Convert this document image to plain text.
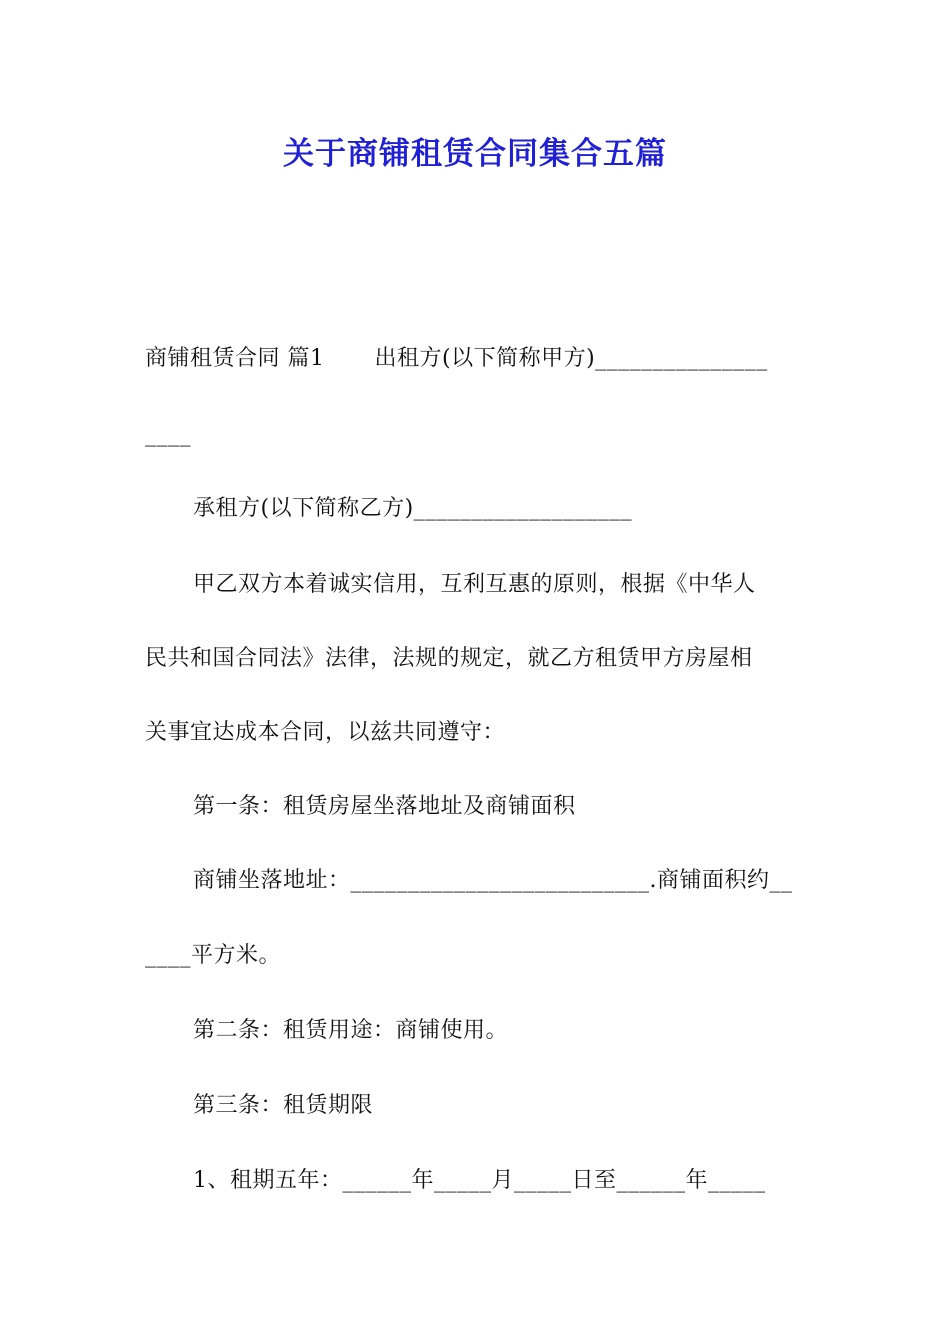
关于商铺租赁合同集合五篇
商铺租赁合同 篇1 出租方(以下简称甲方)_______________
____
承租方(以下简称乙方)___________________
甲乙双方本着诚实信用，互利互惠的原则，根据《中华人
民共和国合同法》法律，法规的规定，就乙方租赁甲方房屋相
关事宜达成本合同，以兹共同遵守：
第一条：租赁房屋坐落地址及商铺面积
商铺坐落地址：__________________________.商铺面积约__
____平方米。
第二条：租赁用途：商铺使用。
第三条：租赁期限
1、租期五年：______年_____月_____日至______年_____
